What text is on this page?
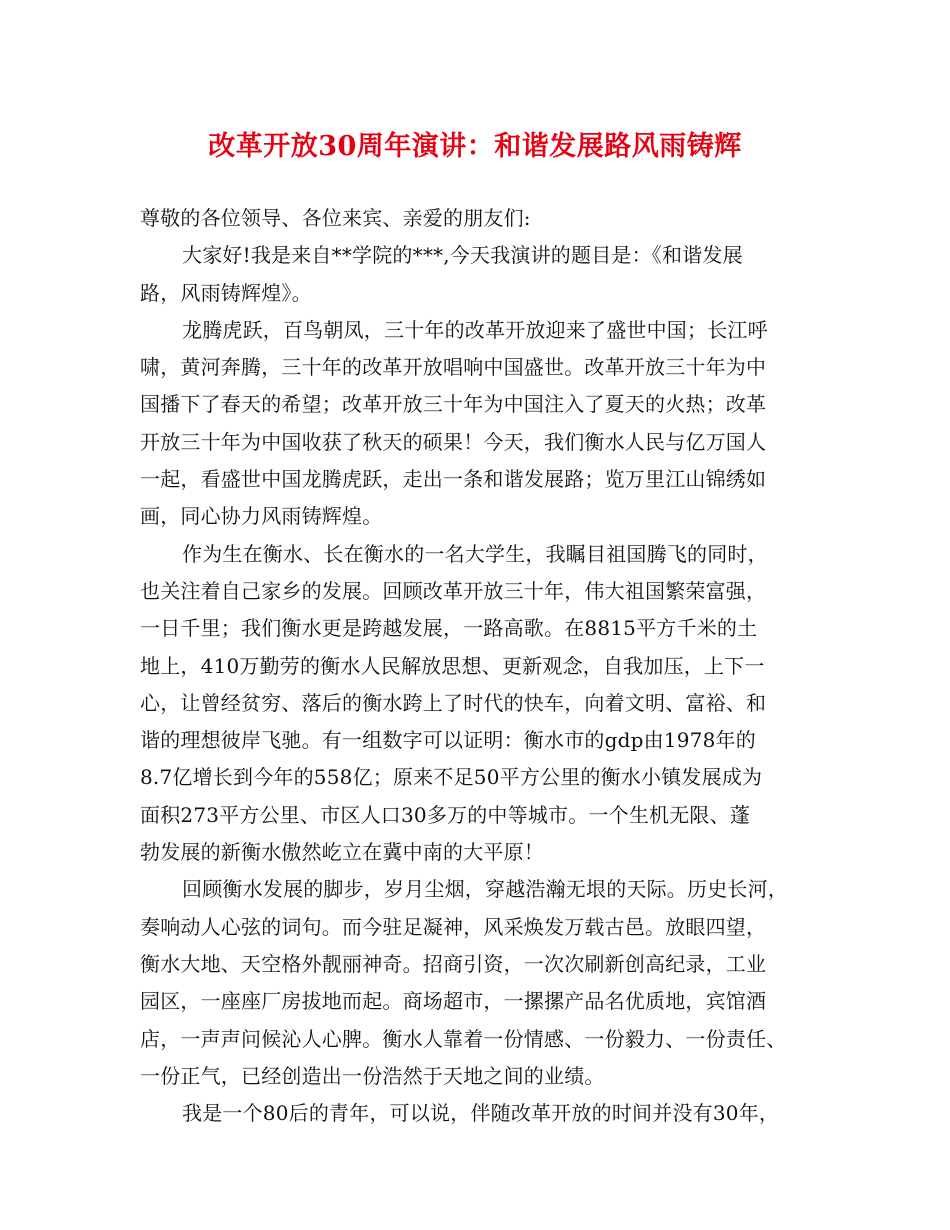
改革开放30周年演讲：和谐发展路风雨铸辉
尊敬的各位领导、各位来宾、亲爱的朋友们:
大家好!我是来自**学院的***,今天我演讲的题目是：《和谐发展
路，风雨铸辉煌》。
龙腾虎跃，百鸟朝凤，三十年的改革开放迎来了盛世中国；长江呼
啸，黄河奔腾，三十年的改革开放唱响中国盛世。改革开放三十年为中
国播下了春天的希望；改革开放三十年为中国注入了夏天的火热；改革
开放三十年为中国收获了秋天的硕果！今天，我们衡水人民与亿万国人
一起，看盛世中国龙腾虎跃，走出一条和谐发展路；览万里江山锦绣如
画，同心协力风雨铸辉煌。
作为生在衡水、长在衡水的一名大学生，我瞩目祖国腾飞的同时，
也关注着自己家乡的发展。回顾改革开放三十年，伟大祖国繁荣富强，
一日千里；我们衡水更是跨越发展，一路高歌。在8815平方千米的土
地上，410万勤劳的衡水人民解放思想、更新观念，自我加压，上下一
心，让曾经贫穷、落后的衡水跨上了时代的快车，向着文明、富裕、和
谐的理想彼岸飞驰。有一组数字可以证明：衡水市的gdp由1978年的
8.7亿增长到今年的558亿；原来不足50平方公里的衡水小镇发展成为
面积273平方公里、市区人口30多万的中等城市。一个生机无限、蓬
勃发展的新衡水傲然屹立在冀中南的大平原！
回顾衡水发展的脚步，岁月尘烟，穿越浩瀚无垠的天际。历史长河，
奏响动人心弦的词句。而今驻足凝神，风采焕发万载古邑。放眼四望，
衡水大地、天空格外靓丽神奇。招商引资，一次次刷新创高纪录，工业
园区，一座座厂房拔地而起。商场超市，一摞摞产品名优质地，宾馆酒
店，一声声问候沁人心脾。衡水人靠着一份情感、一份毅力、一份责任、
一份正气，已经创造出一份浩然于天地之间的业绩。
我是一个80后的青年，可以说，伴随改革开放的时间并没有30年，
